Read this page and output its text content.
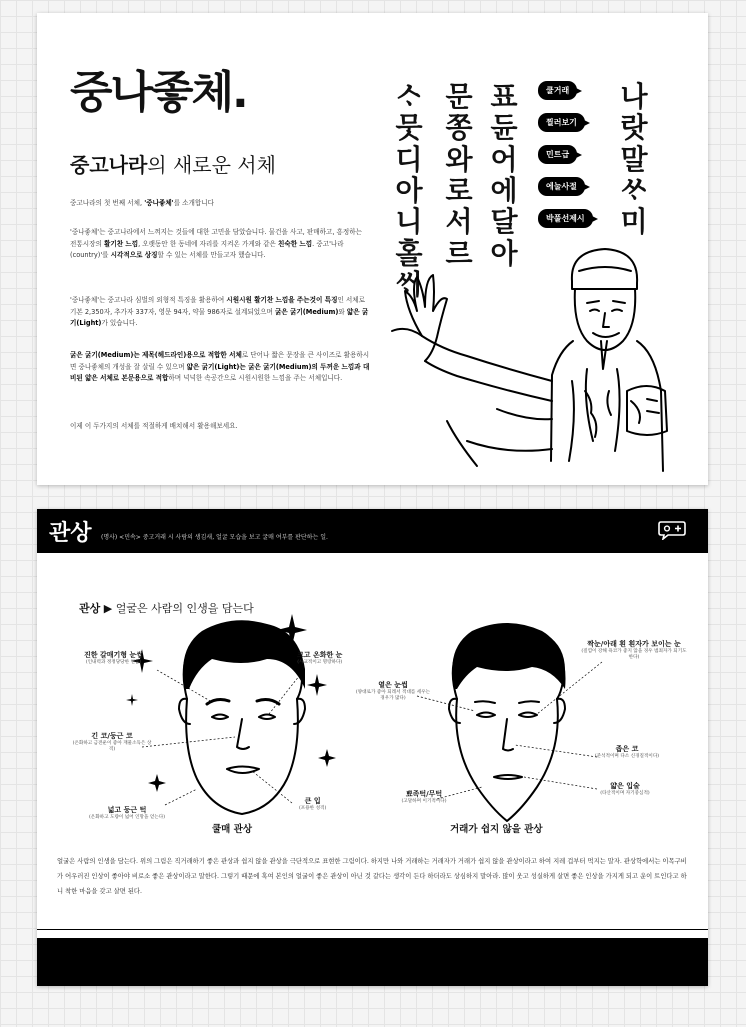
중나좋체.
중고나라의 새로운 서체

중고나라의 첫 번째 서체, '중나좋체'를 소개합니다

'중나좋체'는 중고나라에서 느껴지는 것들에 대한 고민을 담았습니다. 물건을 사고, 판매하고, 흥정하는 전통시장의 활기찬 느낌, 오랫동안 한 동네에 자리를 지켜온 가게와 같은 친숙한 느낌. 중고'나라(country)'를 시각적으로 상징할 수 있는 서체를 만들고자 했습니다.

'중나좋체'는 중고나라 심벌의 외형적 특징을 활용하여 시원시원 활기찬 느낌을 주는것이 특징인 서체로 기본 2,350자, 추가자 337자, 영문 94자, 약물 986자로 설계되었으며 굵은 굵기(Medium)와 얇은 굵기(Light)가 있습니다.

굵은 굵기(Medium)는 제목(헤드라인)용으로 적합한 서체로 단어나 짧은 문장을 큰 사이즈로 활용하시면 중나좋체의 개성을 잘 살릴 수 있으며 얇은 굵기(Light)는 굵은 굵기(Medium)의 두꺼운 느낌과 대비된 얇은 서체로 본문용으로 적합하며 넉넉한 속공간으로 시원시원한 느낌을 주는 서체입니다.

이제 이 두가지의 서체를 적절하게 배치해서 활용해보세요.

나랏말ᄊᆞ미
표듄어에달아
문쫑와로서르
ᄉᆞ뭇디아니홀ᄊᆡ
쿨거래
찔러보기
민트급
에눌사절
박풀선제시
관상 (명사) <민속> 중고거래 시 사람의 생김새, 얼굴 모습을 보고 굴매 여부를 판단하는 일.
관상 ▶ 얼굴은 사람의 인생을 담는다
진한 갈매기형 눈썹
(인내력과 정정당당한 인품)
크고 온화한 눈
(사교적이고 명랑하다)
긴 코/둥근 코
(온화하고 금전운이 좋아 재물소득은 상격)
넓고 둥근 턱
(온화하고 도량이 넓어 인망을 얻는다)
큰 입
(포용한 성격)
짝눈/아래 흰 흰자가 보이는 눈
(질낌이 강해 욕코가 좋지 않을 경우 범죄자가 되기도 한다)
옅은 눈썹
(양대로가 좋아 되레서 적대를 세우는 경우가 많다)
좁은 코
(준석적이며 다소 신경질적이다)
뾰족턱/무턱
(고달하며 이기적이다)
얇은 입술
(타산적이며 자기중심적)
쿨매 관상	거래가 쉽지 않을 관상

얼굴은 사람의 인생을 담는다. 위의 그림은 직거래하기 좋은 관상과 쉽지 않을 관상을 극단적으로 표현한 그림이다. 하지만 나와 거래하는 거래자가 거래가 쉽지 않을 관상이라고 하여 지레 겁부터 먹지는 말자. 관상학에서는 이목구비가 어우러진 인상이 좋아야 비로소 좋은 관상이라고 말한다. 그렇기 때문에 혹여 본인의 얼굴이 좋은 관상이 아닌 것 같다는 생각이 든다 하더라도 상심하지 말아라. 많이 웃고 성실하게 살면 좋은 인상을 가지게 되고 운이 트인다고 하니 착한 마음을 갖고 살면 된다.
